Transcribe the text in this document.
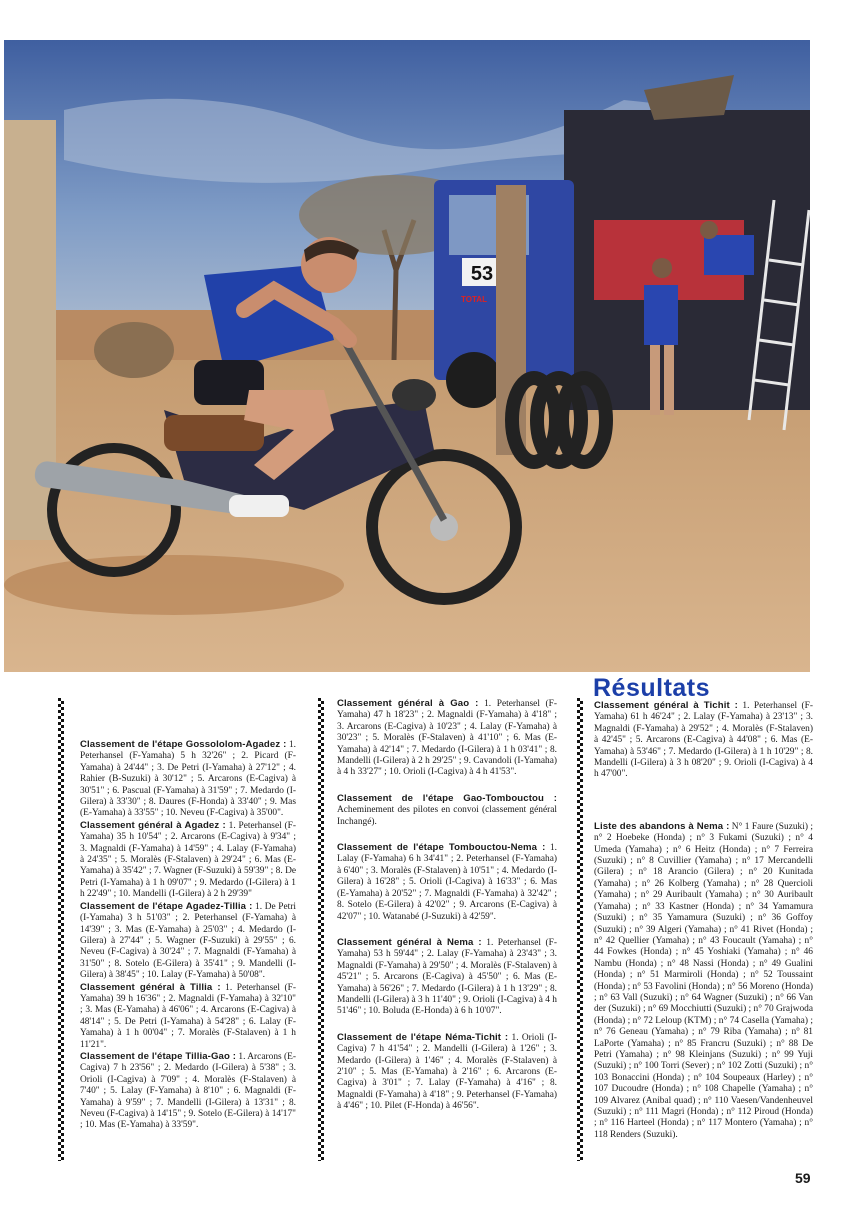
53
TOTAL

Classement de l'étape Gossololom-Agadez : 1. Peterhansel (F-Yamaha) 5 h 32'26" ; 2. Picard (F-Yamaha) à 24'44" ; 3. De Petri (I-Yamaha) à 27'12" ; 4. Rahier (B-Suzuki) à 30'12" ; 5. Arcarons (E-Cagiva) à 30'51" ; 6. Pascual (F-Yamaha) à 31'59" ; 7. Medardo (I-Gilera) à 33'30" ; 8. Daures (F-Honda) à 33'40" ; 9. Mas (E-Yamaha) à 33'55" ; 10. Neveu (F-Cagiva) à 35'00".

Classement général à Agadez : 1. Peterhansel (F-Yamaha) 35 h 10'54" ; 2. Arcarons (E-Cagiva) à 9'34" ; 3. Magnaldi (F-Yamaha) à 14'59" ; 4. Lalay (F-Yamaha) à 24'35" ; 5. Moralès (F-Stalaven) à 29'24" ; 6. Mas (E-Yamaha) à 35'42" ; 7. Wagner (F-Suzuki) à 59'39" ; 8. De Petri (I-Yamaha) à 1 h 09'07" ; 9. Medardo (I-Gilera) à 1 h 22'49" ; 10. Mandelli (I-Gilera) à 2 h 29'39"

Classement de l'étape Agadez-Tillia : 1. De Petri (I-Yamaha) 3 h 51'03" ; 2. Peterhansel (F-Yamaha) à 14'39" ; 3. Mas (E-Yamaha) à 25'03" ; 4. Medardo (I-Gilera) à 27'44" ; 5. Wagner (F-Suzuki) à 29'55" ; 6. Neveu (F-Cagiva) à 30'24" ; 7. Magnaldi (F-Yamaha) à 31'50" ; 8. Sotelo (E-Gilera) à 35'41" ; 9. Mandelli (I-Gilera) à 38'45" ; 10. Lalay (F-Yamaha) à 50'08".

Classement général à Tillia : 1. Peterhansel (F-Yamaha) 39 h 16'36" ; 2. Magnaldi (F-Yamaha) à 32'10" ; 3. Mas (E-Yamaha) à 46'06" ; 4. Arcarons (E-Cagiva) à 48'14" ; 5. De Petri (I-Yamaha) à 54'28" ; 6. Lalay (F-Yamaha) à 1 h 00'04" ; 7. Moralès (F-Stalaven) à 1 h 11'21".

Classement de l'étape Tillia-Gao : 1. Arcarons (E-Cagiva) 7 h 23'56" ; 2. Medardo (I-Gilera) à 5'38" ; 3. Orioli (I-Cagiva) à 7'09" ; 4. Moralès (F-Stalaven) à 7'40" ; 5. Lalay (F-Yamaha) à 8'10" ; 6. Magnaldi (F-Yamaha) à 9'59" ; 7. Mandelli (I-Gilera) à 13'31" ; 8. Neveu (F-Cagiva) à 14'15" ; 9. Sotelo (E-Gilera) à 14'17" ; 10. Mas (E-Yamaha) à 33'59".

Classement général à Gao : 1. Peterhansel (F-Yamaha) 47 h 18'23" ; 2. Magnaldi (F-Yamaha) à 4'18" ; 3. Arcarons (E-Cagiva) à 10'23" ; 4. Lalay (F-Yamaha) à 30'23" ; 5. Moralès (F-Stalaven) à 41'10" ; 6. Mas (E-Yamaha) à 42'14" ; 7. Medardo (I-Gilera) à 1 h 03'41" ; 8. Mandelli (I-Gilera) à 2 h 29'25" ; 9. Cavandoli (I-Yamaha) à 4 h 33'27" ; 10. Orioli (I-Cagiva) à 4 h 41'53".

Classement de l'étape Gao-Tombouctou : Acheminement des pilotes en convoi (classement général Inchangé).

Classement de l'étape Tombouctou-Nema : 1. Lalay (F-Yamaha) 6 h 34'41" ; 2. Peterhansel (F-Yamaha) à 6'40" ; 3. Moralès (F-Stalaven) à 10'51" ; 4. Medardo (I-Gilera) à 16'28" ; 5. Orioli (I-Cagiva) à 16'33" ; 6. Mas (E-Yamaha) à 20'52" ; 7. Magnaldi (F-Yamaha) à 32'42" ; 8. Sotelo (E-Gilera) à 42'02" ; 9. Arcarons (E-Cagiva) à 42'07" ; 10. Watanabé (J-Suzuki) à 42'59".

Classement général à Nema : 1. Peterhansel (F-Yamaha) 53 h 59'44" ; 2. Lalay (F-Yamaha) à 23'43" ; 3. Magnaldi (F-Yamaha) à 29'50" ; 4. Moralès (F-Stalaven) à 45'21" ; 5. Arcarons (E-Cagiva) à 45'50" ; 6. Mas (E-Yamaha) à 56'26" ; 7. Medardo (I-Gilera) à 1 h 13'29" ; 8. Mandelli (I-Gilera) à 3 h 11'40" ; 9. Orioli (I-Cagiva) à 4 h 51'46" ; 10. Boluda (E-Honda) à 6 h 10'07".

Classement de l'étape Néma-Tichit : 1. Orioli (I-Cagiva) 7 h 41'54" ; 2. Mandelli (I-Gilera) à 1'26" ; 3. Medardo (I-Gilera) à 1'46" ; 4. Moralès (F-Stalaven) à 2'10" ; 5. Mas (E-Yamaha) à 2'16" ; 6. Arcarons (E-Cagiva) à 3'01" ; 7. Lalay (F-Yamaha) à 4'16" ; 8. Magnaldi (F-Yamaha) à 4'18" ; 9. Peterhansel (F-Yamaha) à 4'46" ; 10. Pilet (F-Honda) à 46'56".

Résultats

Classement général à Tichit : 1. Peterhansel (F-Yamaha) 61 h 46'24" ; 2. Lalay (F-Yamaha) à 23'13" ; 3. Magnaldi (F-Yamaha) à 29'52" ; 4. Moralès (F-Stalaven) à 42'45" ; 5. Arcarons (E-Cagiva) à 44'08" ; 6. Mas (E-Yamaha) à 53'46" ; 7. Medardo (I-Gilera) à 1 h 10'29" ; 8. Mandelli (I-Gilera) à 3 h 08'20" ; 9. Orioli (I-Cagiva) à 4 h 47'00".

Liste des abandons à Nema : N° 1 Faure (Suzuki) ; n° 2 Hoebeke (Honda) ; n° 3 Fukami (Suzuki) ; n° 4 Umeda (Yamaha) ; n° 6 Heitz (Honda) ; n° 7 Ferreira (Suzuki) ; n° 8 Cuvillier (Yamaha) ; n° 17 Mercandelli (Gilera) ; n° 18 Arancio (Gilera) ; n° 20 Kunitada (Yamaha) ; n° 26 Kolberg (Yamaha) ; n° 28 Quercioli (Yamaha) ; n° 29 Auribault (Yamaha) ; n° 30 Auribault (Yamaha) ; n° 33 Kastner (Honda) ; n° 34 Yamamura (Suzuki) ; n° 35 Yamamura (Suzuki) ; n° 36 Goffoy (Suzuki) ; n° 39 Algeri (Yamaha) ; n° 41 Rivet (Honda) ; n° 42 Quellier (Yamaha) ; n° 43 Foucault (Yamaha) ; n° 44 Fowkes (Honda) ; n° 45 Yoshiaki (Yamaha) ; n° 46 Nambu (Honda) ; n° 48 Nassi (Honda) ; n° 49 Gualini (Honda) ; n° 51 Marmiroli (Honda) ; n° 52 Toussaint (Honda) ; n° 53 Favolini (Honda) ; n° 56 Moreno (Honda) ; n° 63 Vall (Suzuki) ; n° 64 Wagner (Suzuki) ; n° 66 Van der (Suzuki) ; n° 69 Mocchiutti (Suzuki) ; n° 70 Grajwoda (Honda) ; n° 72 Leloup (KTM) ; n° 74 Casella (Yamaha) ; n° 76 Geneau (Yamaha) ; n° 79 Riba (Yamaha) ; n° 81 LaPorte (Yamaha) ; n° 85 Francru (Suzuki) ; n° 88 De Petri (Yamaha) ; n° 98 Kleinjans (Suzuki) ; n° 99 Yuji (Suzuki) ; n° 100 Torri (Sever) ; n° 102 Zotti (Suzuki) ; n° 103 Bonaccini (Honda) ; n° 104 Soupeaux (Harley) ; n° 107 Ducoudre (Honda) ; n° 108 Chapelle (Yamaha) ; n° 109 Alvarez (Anibal quad) ; n° 110 Vaesen/Vandenheuvel (Suzuki) ; n° 111 Magri (Honda) ; n° 112 Piroud (Honda) ; n° 116 Harteel (Honda) ; n° 117 Montero (Yamaha) ; n° 118 Renders (Suzuki).

59
